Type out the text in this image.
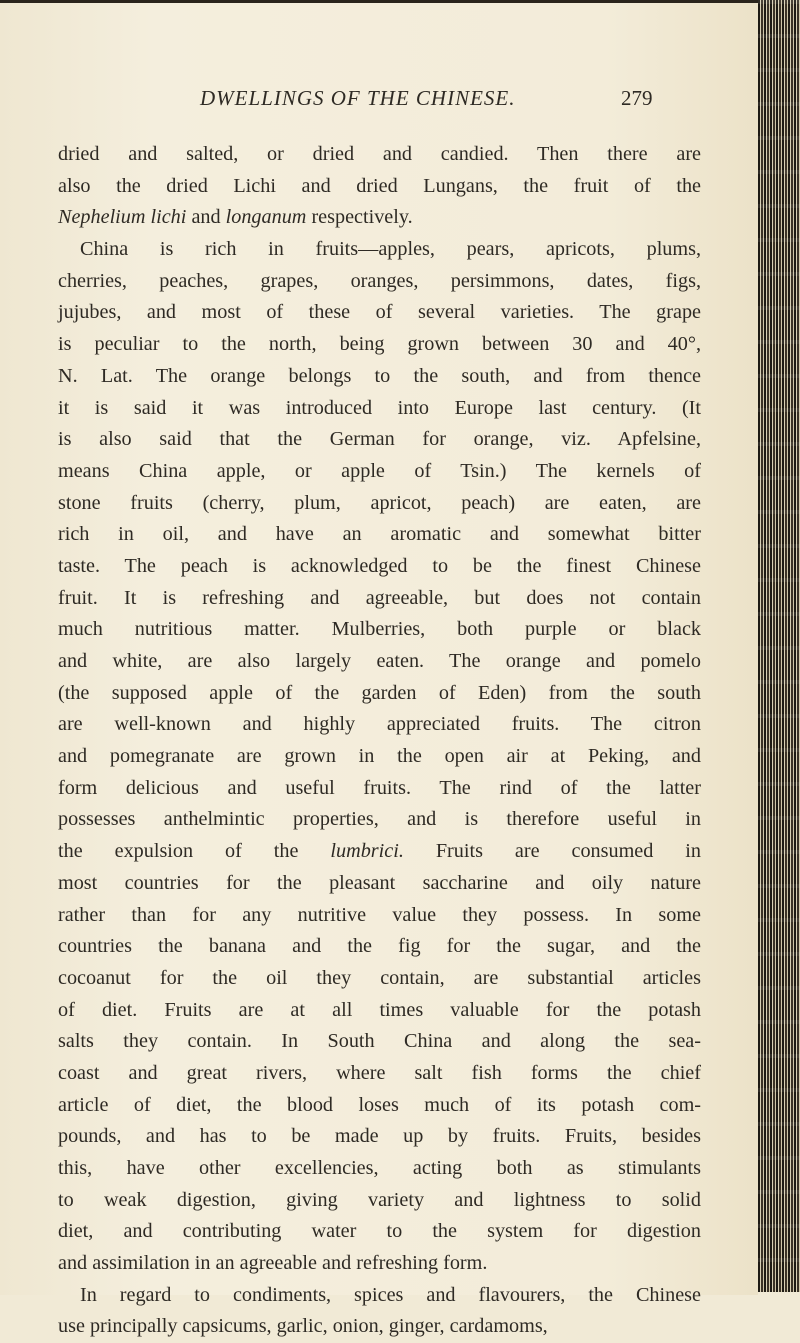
DWELLINGS OF THE CHINESE.	279
dried and salted, or dried and candied. Then there are
also the dried Lichi and dried Lungans, the fruit of the
Nephelium lichi and longanum respectively.
China is rich in fruits—apples, pears, apricots, plums,
cherries, peaches, grapes, oranges, persimmons, dates, figs,
jujubes, and most of these of several varieties. The grape
is peculiar to the north, being grown between 30 and 40°,
N. Lat. The orange belongs to the south, and from thence
it is said it was introduced into Europe last century. (It
is also said that the German for orange, viz. Apfelsine,
means China apple, or apple of Tsin.) The kernels of
stone fruits (cherry, plum, apricot, peach) are eaten, are
rich in oil, and have an aromatic and somewhat bitter
taste. The peach is acknowledged to be the finest Chinese
fruit. It is refreshing and agreeable, but does not contain
much nutritious matter. Mulberries, both purple or black
and white, are also largely eaten. The orange and pomelo
(the supposed apple of the garden of Eden) from the south
are well-known and highly appreciated fruits. The citron
and pomegranate are grown in the open air at Peking, and
form delicious and useful fruits. The rind of the latter
possesses anthelmintic properties, and is therefore useful in
the expulsion of the lumbrici. Fruits are consumed in
most countries for the pleasant saccharine and oily nature
rather than for any nutritive value they possess. In some
countries the banana and the fig for the sugar, and the
cocoanut for the oil they contain, are substantial articles
of diet. Fruits are at all times valuable for the potash
salts they contain. In South China and along the sea-
coast and great rivers, where salt fish forms the chief
article of diet, the blood loses much of its potash com-
pounds, and has to be made up by fruits. Fruits, besides
this, have other excellencies, acting both as stimulants
to weak digestion, giving variety and lightness to solid
diet, and contributing water to the system for digestion
and assimilation in an agreeable and refreshing form.
In regard to condiments, spices and flavourers, the Chinese
use principally capsicums, garlic, onion, ginger, cardamoms,
